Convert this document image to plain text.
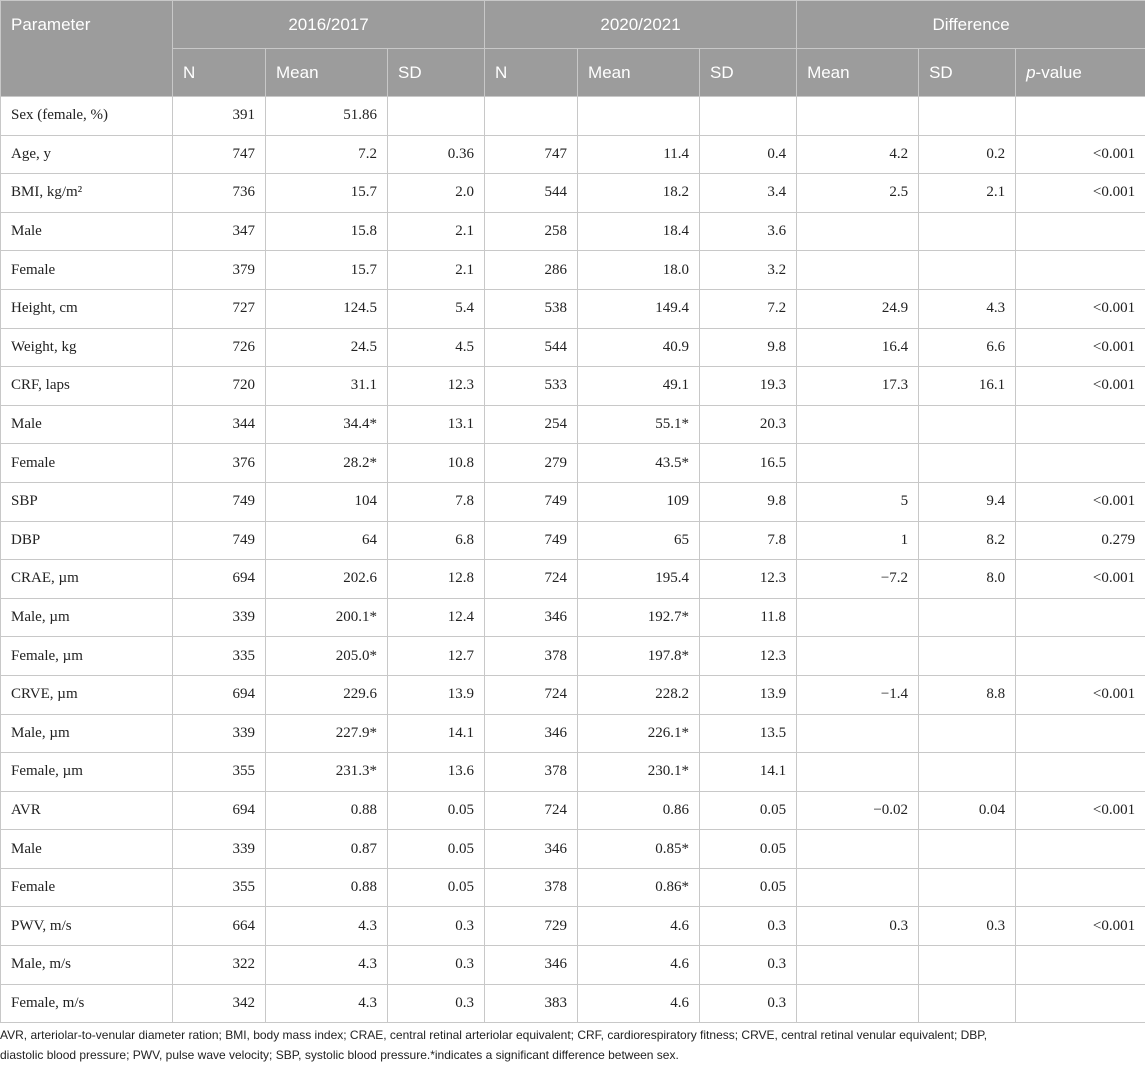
Parameter	2016/2017			2020/2021			Difference		
	N	Mean	SD	N	Mean	SD	Mean	SD	p-value
Sex (female, %)	391	51.86							
Age, y	747	7.2	0.36	747	11.4	0.4	4.2	0.2	<0.001
BMI, kg/m²	736	15.7	2.0	544	18.2	3.4	2.5	2.1	<0.001
Male	347	15.8	2.1	258	18.4	3.6			
Female	379	15.7	2.1	286	18.0	3.2			
Height, cm	727	124.5	5.4	538	149.4	7.2	24.9	4.3	<0.001
Weight, kg	726	24.5	4.5	544	40.9	9.8	16.4	6.6	<0.001
CRF, laps	720	31.1	12.3	533	49.1	19.3	17.3	16.1	<0.001
Male	344	34.4*	13.1	254	55.1*	20.3			
Female	376	28.2*	10.8	279	43.5*	16.5			
SBP	749	104	7.8	749	109	9.8	5	9.4	<0.001
DBP	749	64	6.8	749	65	7.8	1	8.2	0.279
CRAE, µm	694	202.6	12.8	724	195.4	12.3	−7.2	8.0	<0.001
Male, µm	339	200.1*	12.4	346	192.7*	11.8			
Female, µm	335	205.0*	12.7	378	197.8*	12.3			
CRVE, µm	694	229.6	13.9	724	228.2	13.9	−1.4	8.8	<0.001
Male, µm	339	227.9*	14.1	346	226.1*	13.5			
Female, µm	355	231.3*	13.6	378	230.1*	14.1			
AVR	694	0.88	0.05	724	0.86	0.05	−0.02	0.04	<0.001
Male	339	0.87	0.05	346	0.85*	0.05			
Female	355	0.88	0.05	378	0.86*	0.05			
PWV, m/s	664	4.3	0.3	729	4.6	0.3	0.3	0.3	<0.001
Male, m/s	322	4.3	0.3	346	4.6	0.3			
Female, m/s	342	4.3	0.3	383	4.6	0.3			

AVR, arteriolar-to-venular diameter ration; BMI, body mass index; CRAE, central retinal arteriolar equivalent; CRF, cardiorespiratory fitness; CRVE, central retinal venular equivalent; DBP,

diastolic blood pressure; PWV, pulse wave velocity; SBP, systolic blood pressure.*indicates a significant difference between sex.
